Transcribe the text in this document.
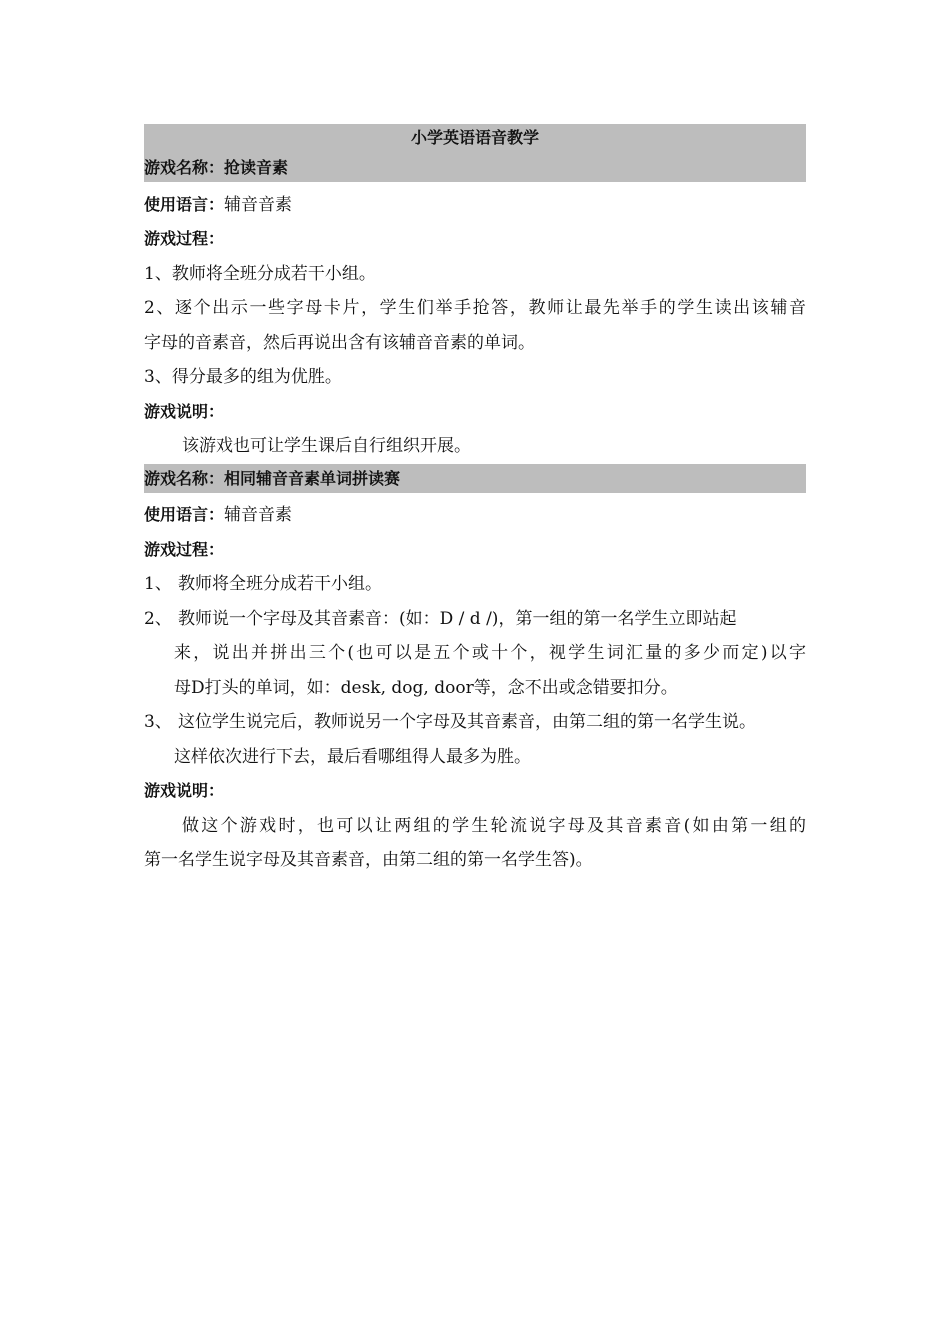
小学英语语音教学
游戏名称：抢读音素
使用语言：辅音音素
游戏过程：
1、教师将全班分成若干小组。
2、逐个出示一些字母卡片，学生们举手抢答，教师让最先举手的学生读出该辅音
字母的音素音，然后再说出含有该辅音音素的单词。
3、得分最多的组为优胜。
游戏说明：
该游戏也可让学生课后自行组织开展。
游戏名称：相同辅音音素单词拼读赛
使用语言：辅音音素
游戏过程：
1、 教师将全班分成若干小组。
2、 教师说一个字母及其音素音：(如：D / d /)，第一组的第一名学生立即站起
来，说出并拼出三个(也可以是五个或十个，视学生词汇量的多少而定)以字
母D打头的单词，如：desk, dog, door等，念不出或念错要扣分。
3、 这位学生说完后，教师说另一个字母及其音素音，由第二组的第一名学生说。
这样依次进行下去，最后看哪组得人最多为胜。
游戏说明：
做这个游戏时，也可以让两组的学生轮流说字母及其音素音(如由第一组的
第一名学生说字母及其音素音，由第二组的第一名学生答)。
